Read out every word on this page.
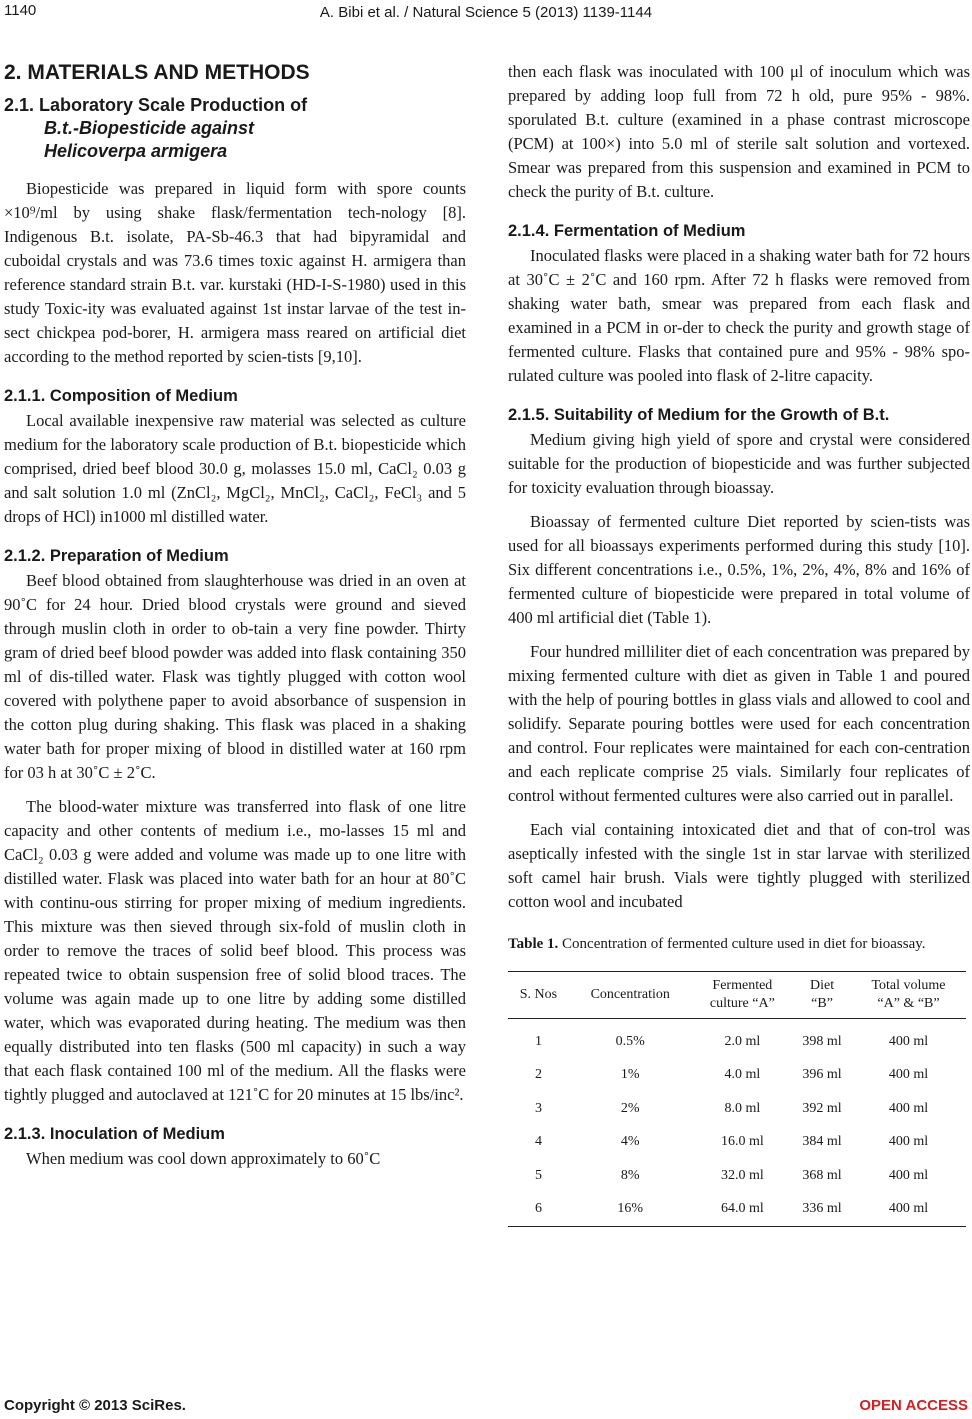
1140	A. Bibi et al. / Natural Science 5 (2013) 1139-1144
2. MATERIALS AND METHODS
2.1. Laboratory Scale Production of
B.t.-Biopesticide against
Helicoverpa armigera

Biopesticide was prepared in liquid form with spore counts ×10⁹/ml by using shake flask/fermentation tech-nology [8]. Indigenous B.t. isolate, PA-Sb-46.3 that had bipyramidal and cuboidal crystals and was 73.6 times toxic against H. armigera than reference standard strain B.t. var. kurstaki (HD-I-S-1980) used in this study Toxic-ity was evaluated against 1st instar larvae of the test in-sect chickpea pod-borer, H. armigera mass reared on artificial diet according to the method reported by scien-tists [9,10].

2.1.1. Composition of Medium

Local available inexpensive raw material was selected as culture medium for the laboratory scale production of B.t. biopesticide which comprised, dried beef blood 30.0 g, molasses 15.0 ml, CaCl₂ 0.03 g and salt solution 1.0 ml (ZnCl₂, MgCl₂, MnCl₂, CaCl₂, FeCl₃ and 5 drops of HCl) in1000 ml distilled water.

2.1.2. Preparation of Medium

Beef blood obtained from slaughterhouse was dried in an oven at 90˚C for 24 hour. Dried blood crystals were ground and sieved through muslin cloth in order to ob-tain a very fine powder. Thirty gram of dried beef blood powder was added into flask containing 350 ml of dis-tilled water. Flask was tightly plugged with cotton wool covered with polythene paper to avoid absorbance of suspension in the cotton plug during shaking. This flask was placed in a shaking water bath for proper mixing of blood in distilled water at 160 rpm for 03 h at 30˚C ± 2˚C.

The blood-water mixture was transferred into flask of one litre capacity and other contents of medium i.e., mo-lasses 15 ml and CaCl₂ 0.03 g were added and volume was made up to one litre with distilled water. Flask was placed into water bath for an hour at 80˚C with continu-ous stirring for proper mixing of medium ingredients. This mixture was then sieved through six-fold of muslin cloth in order to remove the traces of solid beef blood. This process was repeated twice to obtain suspension free of solid blood traces. The volume was again made up to one litre by adding some distilled water, which was evaporated during heating. The medium was then equally distributed into ten flasks (500 ml capacity) in such a way that each flask contained 100 ml of the medium. All the flasks were tightly plugged and autoclaved at 121˚C for 20 minutes at 15 lbs/inc².

2.1.3. Inoculation of Medium

When medium was cool down approximately to 60˚C

then each flask was inoculated with 100 μl of inoculum which was prepared by adding loop full from 72 h old, pure 95% - 98%. sporulated B.t. culture (examined in a phase contrast microscope (PCM) at 100×) into 5.0 ml of sterile salt solution and vortexed. Smear was prepared from this suspension and examined in PCM to check the purity of B.t. culture.

2.1.4. Fermentation of Medium

Inoculated flasks were placed in a shaking water bath for 72 hours at 30˚C ± 2˚C and 160 rpm. After 72 h flasks were removed from shaking water bath, smear was prepared from each flask and examined in a PCM in or-der to check the purity and growth stage of fermented culture. Flasks that contained pure and 95% - 98% spo-rulated culture was pooled into flask of 2-litre capacity.

2.1.5. Suitability of Medium for the Growth of B.t.

Medium giving high yield of spore and crystal were considered suitable for the production of biopesticide and was further subjected for toxicity evaluation through bioassay.

Bioassay of fermented culture Diet reported by scien-tists was used for all bioassays experiments performed during this study [10]. Six different concentrations i.e., 0.5%, 1%, 2%, 4%, 8% and 16% of fermented culture of biopesticide were prepared in total volume of 400 ml artificial diet (Table 1).

Four hundred milliliter diet of each concentration was prepared by mixing fermented culture with diet as given in Table 1 and poured with the help of pouring bottles in glass vials and allowed to cool and solidify. Separate pouring bottles were used for each concentration and control. Four replicates were maintained for each con-centration and each replicate comprise 25 vials. Similarly four replicates of control without fermented cultures were also carried out in parallel.

Each vial containing intoxicated diet and that of con-trol was aseptically infested with the single 1st in star larvae with sterilized soft camel hair brush. Vials were tightly plugged with sterilized cotton wool and incubated

Table 1. Concentration of fermented culture used in diet for bioassay.
S. Nos	Concentration	Fermented
culture “A”	Diet
“B”	Total volume
“A” & “B”
1	0.5%	2.0 ml	398 ml	400 ml
2	1%	4.0 ml	396 ml	400 ml
3	2%	8.0 ml	392 ml	400 ml
4	4%	16.0 ml	384 ml	400 ml
5	8%	32.0 ml	368 ml	400 ml
6	16%	64.0 ml	336 ml	400 ml
Copyright © 2013 SciRes.	OPEN ACCESS
